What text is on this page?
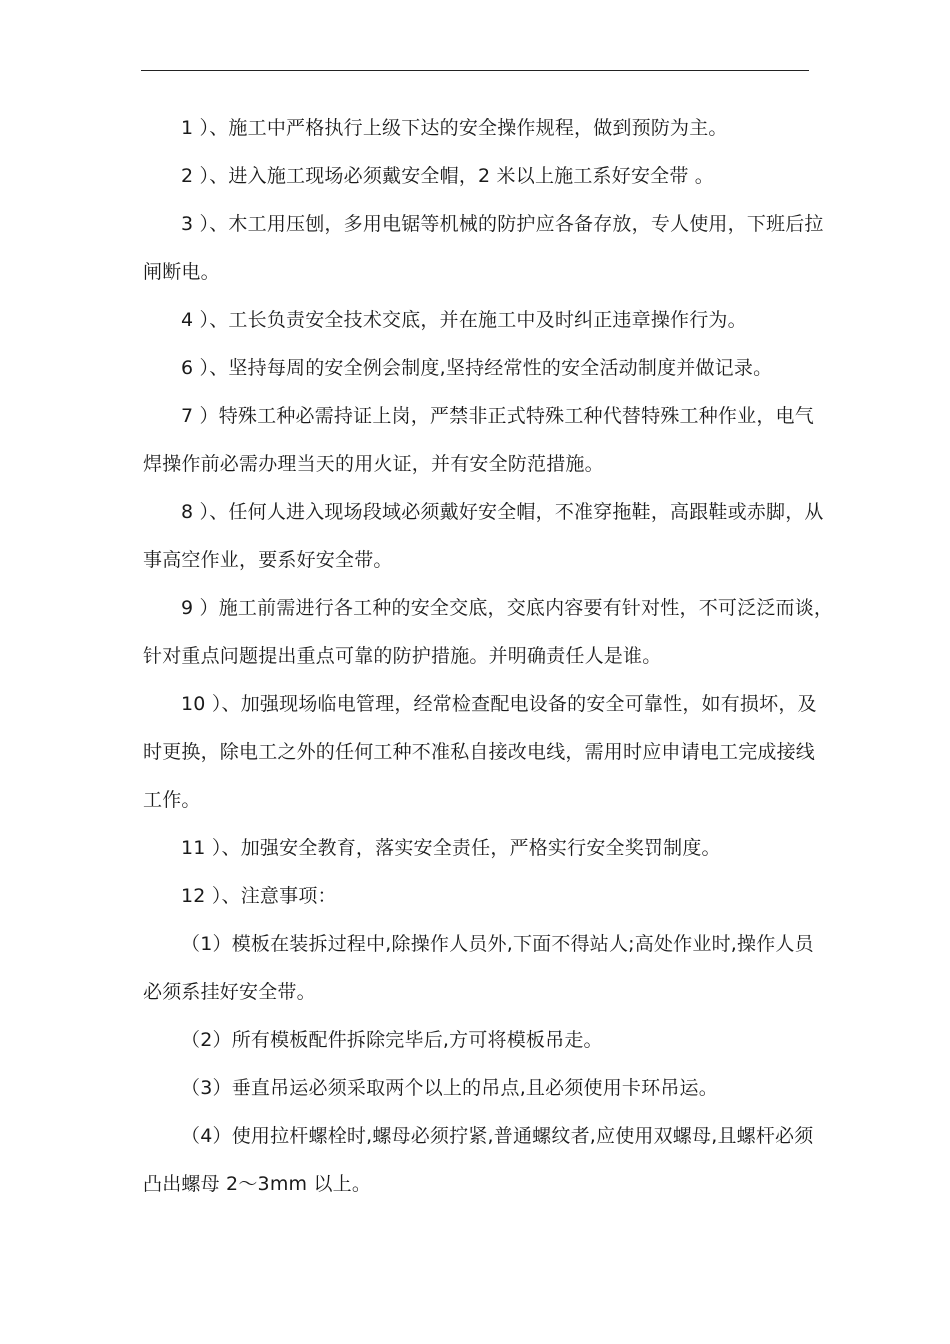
1 ）、施工中严格执行上级下达的安全操作规程，做到预防为主。

2 ）、进入施工现场必须戴安全帽，2 米以上施工系好安全带 。

3 ）、木工用压刨，多用电锯等机械的防护应各备存放，专人使用，下班后拉
闸断电。

4 ）、工长负责安全技术交底，并在施工中及时纠正违章操作行为。

6 ）、坚持每周的安全例会制度,坚持经常性的安全活动制度并做记录。

7 ）特殊工种必需持证上岗，严禁非正式特殊工种代替特殊工种作业，电气
焊操作前必需办理当天的用火证，并有安全防范措施。

8 ）、任何人进入现场段域必须戴好安全帽，不准穿拖鞋，高跟鞋或赤脚，从
事高空作业，要系好安全带。

9 ）施工前需进行各工种的安全交底，交底内容要有针对性，不可泛泛而谈，
针对重点问题提出重点可靠的防护措施。并明确责任人是谁。

10 ）、加强现场临电管理，经常检查配电设备的安全可靠性，如有损坏，及
时更换，除电工之外的任何工种不准私自接改电线，需用时应申请电工完成接线
工作。

11 ）、加强安全教育，落实安全责任，严格实行安全奖罚制度。

12 ）、注意事项：

（1）模板在装拆过程中,除操作人员外,下面不得站人;高处作业时,操作人员
必须系挂好安全带。

（2）所有模板配件拆除完毕后,方可将模板吊走。

（3）垂直吊运必须采取两个以上的吊点,且必须使用卡环吊运。

（4）使用拉杆螺栓时,螺母必须拧紧,普通螺纹者,应使用双螺母,且螺杆必须
凸出螺母 2～3mm 以上。
